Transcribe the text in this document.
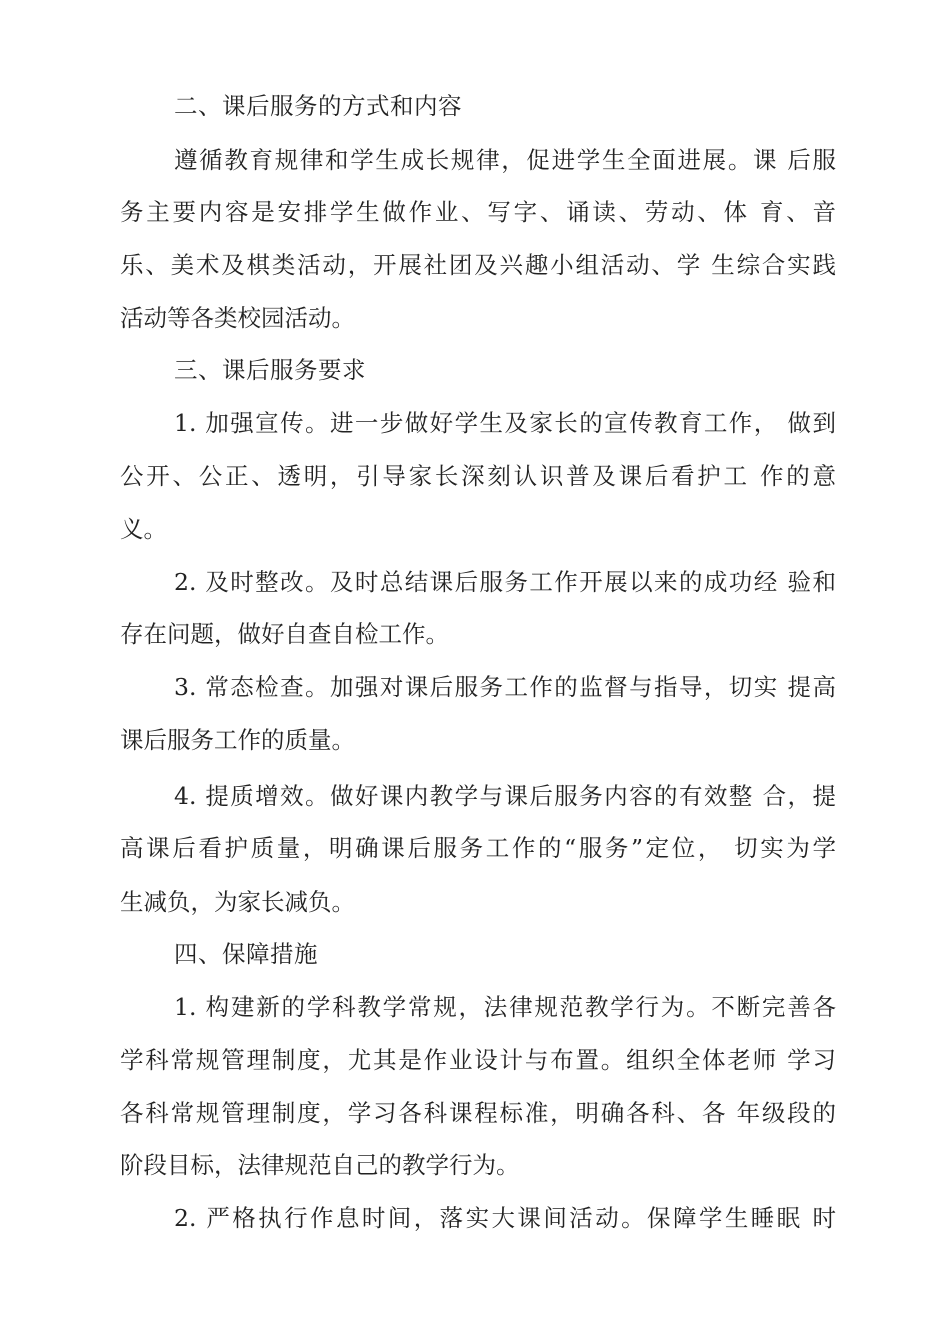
二、课后服务的方式和内容
遵循教育规律和学生成长规律，促进学生全面进展。课 后服
务主要内容是安排学生做作业、写字、诵读、劳动、体 育、音
乐、美术及棋类活动，开展社团及兴趣小组活动、学 生综合实践
活动等各类校园活动。
三、课后服务要求
1. 加强宣传。进一步做好学生及家长的宣传教育工作， 做到
公开、公正、透明，引导家长深刻认识普及课后看护工 作的意
义。
2. 及时整改。及时总结课后服务工作开展以来的成功经 验和
存在问题，做好自查自检工作。
3. 常态检查。加强对课后服务工作的监督与指导，切实 提高
课后服务工作的质量。
4. 提质增效。做好课内教学与课后服务内容的有效整 合，提
高课后看护质量，明确课后服务工作的“服务”定位， 切实为学
生减负，为家长减负。
四、保障措施
1. 构建新的学科教学常规，法律规范教学行为。不断完善各
学科常规管理制度，尤其是作业设计与布置。组织全体老师 学习
各科常规管理制度，学习各科课程标准，明确各科、各 年级段的
阶段目标，法律规范自己的教学行为。
2. 严格执行作息时间，落实大课间活动。保障学生睡眠 时
